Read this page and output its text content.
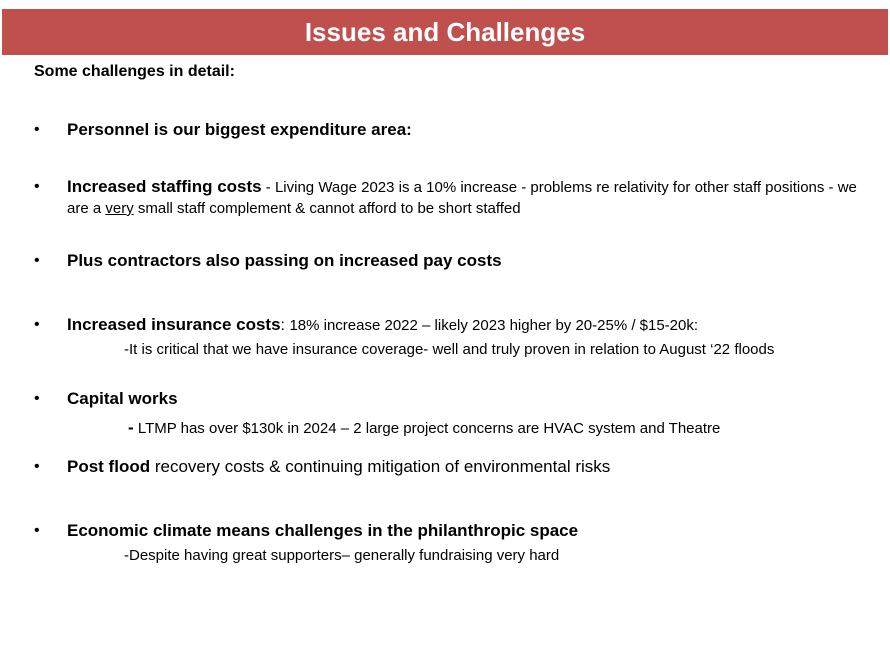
Issues and Challenges
Some challenges in detail:
•	Personnel is our biggest expenditure area:
•	Increased staffing costs - Living Wage 2023 is a 10% increase - problems re relativity for other staff positions - we are a very small staff complement & cannot afford to be short staffed
•	Plus contractors also passing on increased pay costs
•	Increased insurance costs: 18% increase 2022 – likely 2023 higher by 20-25% / $15-20k:
-It is critical that we have insurance coverage- well and truly proven in relation to August ‘22 floods
•	Capital works
- LTMP has over $130k in 2024 – 2 large project concerns are HVAC system and Theatre
•	Post flood recovery costs & continuing mitigation of environmental risks
•	Economic climate means challenges in the philanthropic space
-Despite having great supporters– generally fundraising very hard
